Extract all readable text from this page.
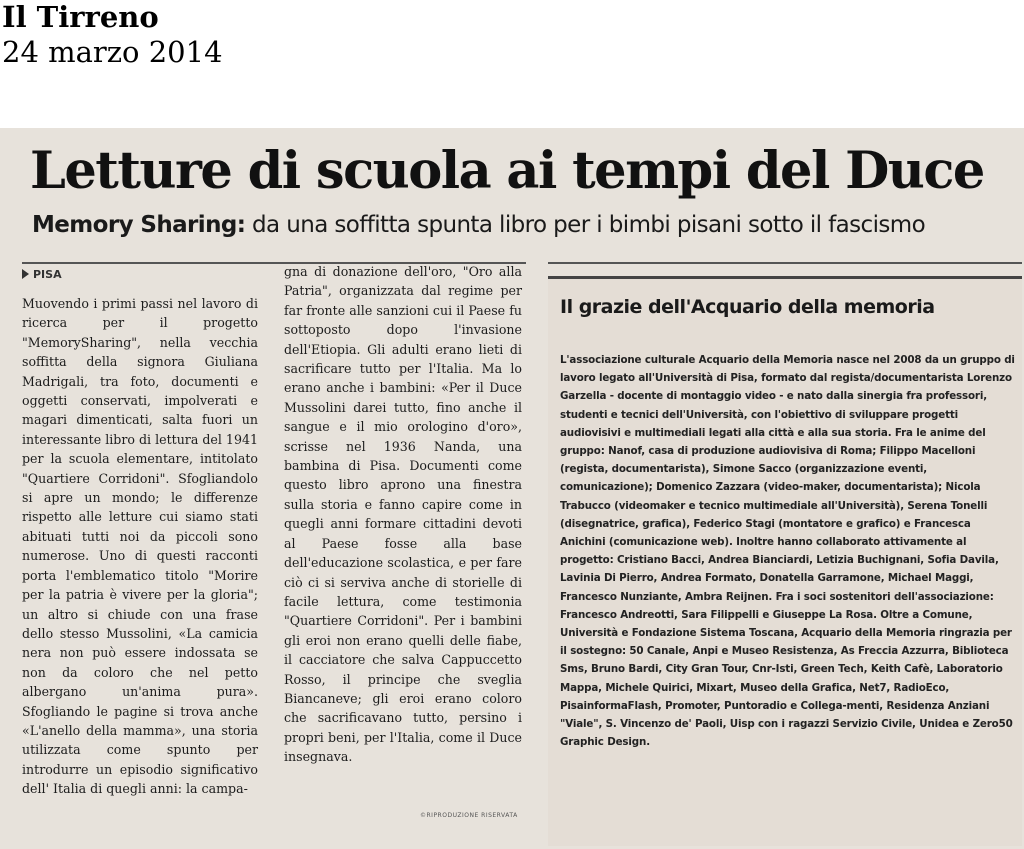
Il Tirreno
24 marzo 2014
Letture di scuola ai tempi del Duce
Memory Sharing: da una soffitta spunta libro per i bimbi pisani sotto il fascismo
PISA
Muovendo i primi passi nel lavoro di ricerca per il progetto "MemorySharing", nella vecchia soffitta della signora Giuliana Madrigali, tra foto, documenti e oggetti conservati, impolverati e magari dimenticati, salta fuori un interessante libro di lettura del 1941 per la scuola elementare, intitolato "Quartiere Corridoni". Sfogliandolo si apre un mondo; le differenze rispetto alle letture cui siamo stati abituati tutti noi da piccoli sono numerose. Uno di questi racconti porta l'emblematico titolo "Morire per la patria è vivere per la gloria"; un altro si chiude con una frase dello stesso Mussolini, «La camicia nera non può essere indossata se non da coloro che nel petto albergano un'anima pura». Sfogliando le pagine si trova anche «L'anello della mamma», una storia utilizzata come spunto per introdurre un episodio significativo dell' Italia di quegli anni: la campa-
gna di donazione dell'oro, "Oro alla Patria", organizzata dal regime per far fronte alle sanzioni cui il Paese fu sottoposto dopo l'invasione dell'Etiopia. Gli adulti erano lieti di sacrificare tutto per l'Italia. Ma lo erano anche i bambini: «Per il Duce Mussolini darei tutto, fino anche il sangue e il mio orologino d'oro», scrisse nel 1936 Nanda, una bambina di Pisa. Documenti come questo libro aprono una finestra sulla storia e fanno capire come in quegli anni formare cittadini devoti al Paese fosse alla base dell'educazione scolastica, e per fare ciò ci si serviva anche di storielle di facile lettura, come testimonia "Quartiere Corridoni". Per i bambini gli eroi non erano quelli delle fiabe, il cacciatore che salva Cappuccetto Rosso, il principe che sveglia Biancaneve; gli eroi erano coloro che sacrificavano tutto, persino i propri beni, per l'Italia, come il Duce insegnava.
©RIPRODUZIONE RISERVATA
Il grazie dell'Acquario della memoria
L'associazione culturale Acquario della Memoria nasce nel 2008 da un gruppo di lavoro legato all'Università di Pisa, formato dal regista/documentarista Lorenzo Garzella - docente di montaggio video - e nato dalla sinergia fra professori, studenti e tecnici dell'Università, con l'obiettivo di sviluppare progetti audiovisivi e multimediali legati alla città e alla sua storia. Fra le anime del gruppo: Nanof, casa di produzione audiovisiva di Roma; Filippo Macelloni (regista, documentarista), Simone Sacco (organizzazione eventi, comunicazione); Domenico Zazzara (video-maker, documentarista); Nicola Trabucco (videomaker e tecnico multimediale all'Università), Serena Tonelli (disegnatrice, grafica), Federico Stagi (montatore e grafico) e Francesca Anichini (comunicazione web). Inoltre hanno collaborato attivamente al progetto: Cristiano Bacci, Andrea Bianciardi, Letizia Buchignani, Sofia Davila, Lavinia Di Pierro, Andrea Formato, Donatella Garramone, Michael Maggi, Francesco Nunziante, Ambra Reijnen. Fra i soci sostenitori dell'associazione: Francesco Andreotti, Sara Filippelli e Giuseppe La Rosa. Oltre a Comune, Università e Fondazione Sistema Toscana, Acquario della Memoria ringrazia per il sostegno: 50 Canale, Anpi e Museo Resistenza, As Freccia Azzurra, Biblioteca Sms, Bruno Bardi, City Gran Tour, Cnr-Isti, Green Tech, Keith Cafè, Laboratorio Mappa, Michele Quirici, Mixart, Museo della Grafica, Net7, RadioEco, PisainformaFlash, Promoter, Puntoradio e Collega-menti, Residenza Anziani "Viale", S. Vincenzo de' Paoli, Uisp con i ragazzi Servizio Civile, Unidea e Zero50 Graphic Design.
